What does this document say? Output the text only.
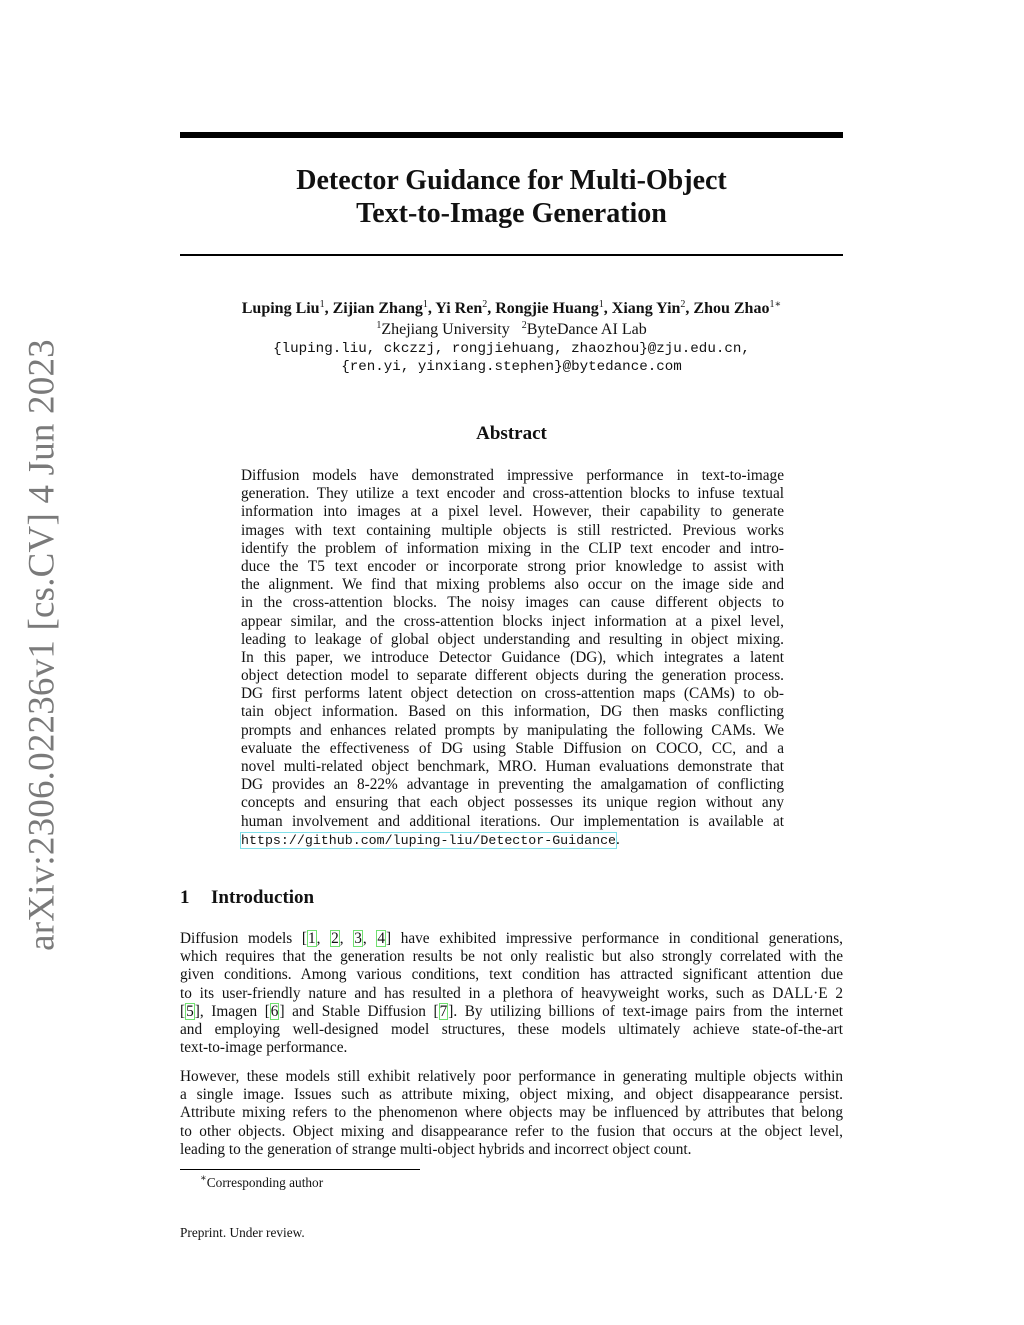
arXiv:2306.02236v1 [cs.CV] 4 Jun 2023
Detector Guidance for Multi-Object
Text-to-Image Generation
Luping Liu$^1$, Zijian Zhang$^1$, Yi Ren$^2$, Rongjie Huang$^1$, Xiang Yin$^2$, Zhou Zhao$^{1∗}$
$^1$Zhejiang University $^2$ByteDance AI Lab
{luping.liu, ckczzj, rongjiehuang, zhaozhou}@zju.edu.cn,
{ren.yi, yinxiang.stephen}@bytedance.com
Abstract
Diffusion models have demonstrated impressive performance in text-to-image
generation. They utilize a text encoder and cross-attention blocks to infuse textual
information into images at a pixel level. However, their capability to generate
images with text containing multiple objects is still restricted. Previous works
identify the problem of information mixing in the CLIP text encoder and intro-
duce the T5 text encoder or incorporate strong prior knowledge to assist with
the alignment. We find that mixing problems also occur on the image side and
in the cross-attention blocks. The noisy images can cause different objects to
appear similar, and the cross-attention blocks inject information at a pixel level,
leading to leakage of global object understanding and resulting in object mixing.
In this paper, we introduce Detector Guidance (DG), which integrates a latent
object detection model to separate different objects during the generation process.
DG first performs latent object detection on cross-attention maps (CAMs) to ob-
tain object information. Based on this information, DG then masks conflicting
prompts and enhances related prompts by manipulating the following CAMs. We
evaluate the effectiveness of DG using Stable Diffusion on COCO, CC, and a
novel multi-related object benchmark, MRO. Human evaluations demonstrate that
DG provides an 8-22% advantage in preventing the amalgamation of conflicting
concepts and ensuring that each object possesses its unique region without any
human involvement and additional iterations. Our implementation is available at
https://github.com/luping-liu/Detector-Guidance.
1 Introduction
Diffusion models [1, 2, 3, 4] have exhibited impressive performance in conditional generations,
which requires that the generation results be not only realistic but also strongly correlated with the
given conditions. Among various conditions, text condition has attracted significant attention due
to its user-friendly nature and has resulted in a plethora of heavyweight works, such as DALL·E 2
[5], Imagen [6] and Stable Diffusion [7]. By utilizing billions of text-image pairs from the internet
and employing well-designed model structures, these models ultimately achieve state-of-the-art
text-to-image performance.
However, these models still exhibit relatively poor performance in generating multiple objects within
a single image. Issues such as attribute mixing, object mixing, and object disappearance persist.
Attribute mixing refers to the phenomenon where objects may be influenced by attributes that belong
to other objects. Object mixing and disappearance refer to the fusion that occurs at the object level,
leading to the generation of strange multi-object hybrids and incorrect object count.
∗Corresponding author
Preprint. Under review.
